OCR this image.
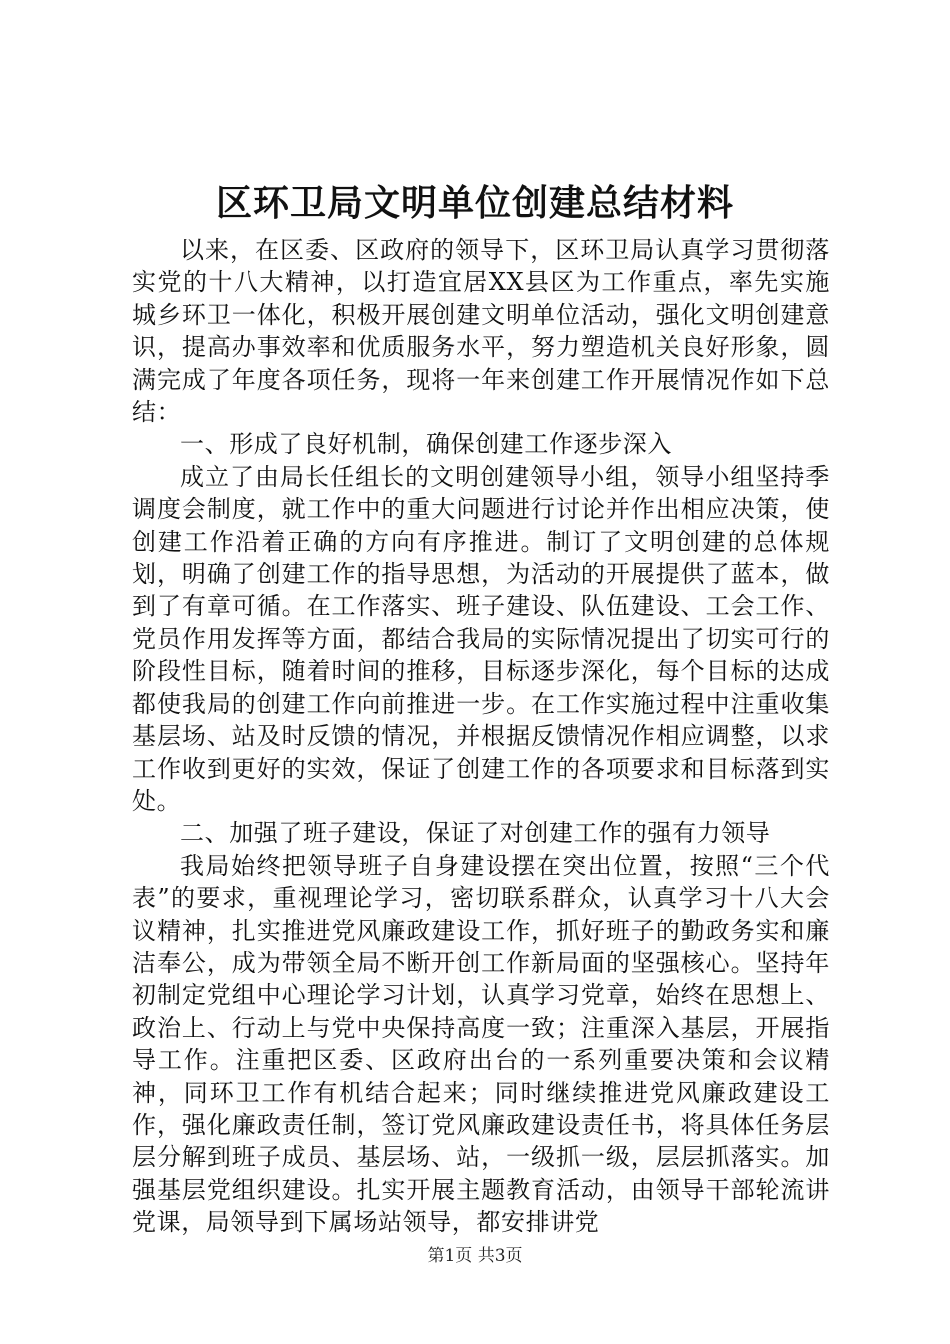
区环卫局文明单位创建总结材料

以来，在区委、区政府的领导下，区环卫局认真学习贯彻落实党的十八大精神，以打造宜居XX县区为工作重点，率先实施城乡环卫一体化，积极开展创建文明单位活动，强化文明创建意识，提高办事效率和优质服务水平，努力塑造机关良好形象，圆满完成了年度各项任务，现将一年来创建工作开展情况作如下总结：

一、形成了良好机制，确保创建工作逐步深入

成立了由局长任组长的文明创建领导小组，领导小组坚持季调度会制度，就工作中的重大问题进行讨论并作出相应决策，使创建工作沿着正确的方向有序推进。制订了文明创建的总体规划，明确了创建工作的指导思想，为活动的开展提供了蓝本，做到了有章可循。在工作落实、班子建设、队伍建设、工会工作、党员作用发挥等方面，都结合我局的实际情况提出了切实可行的阶段性目标，随着时间的推移，目标逐步深化，每个目标的达成都使我局的创建工作向前推进一步。在工作实施过程中注重收集基层场、站及时反馈的情况，并根据反馈情况作相应调整，以求工作收到更好的实效，保证了创建工作的各项要求和目标落到实处。

二、加强了班子建设，保证了对创建工作的强有力领导

我局始终把领导班子自身建设摆在突出位置，按照“三个代表”的要求，重视理论学习，密切联系群众，认真学习十八大会议精神，扎实推进党风廉政建设工作，抓好班子的勤政务实和廉洁奉公，成为带领全局不断开创工作新局面的坚强核心。坚持年初制定党组中心理论学习计划，认真学习党章，始终在思想上、政治上、行动上与党中央保持高度一致；注重深入基层，开展指导工作。注重把区委、区政府出台的一系列重要决策和会议精神，同环卫工作有机结合起来；同时继续推进党风廉政建设工作，强化廉政责任制，签订党风廉政建设责任书，将具体任务层层分解到班子成员、基层场、站，一级抓一级，层层抓落实。加强基层党组织建设。扎实开展主题教育活动，由领导干部轮流讲党课，局领导到下属场站领导，都安排讲党

第1页 共3页
